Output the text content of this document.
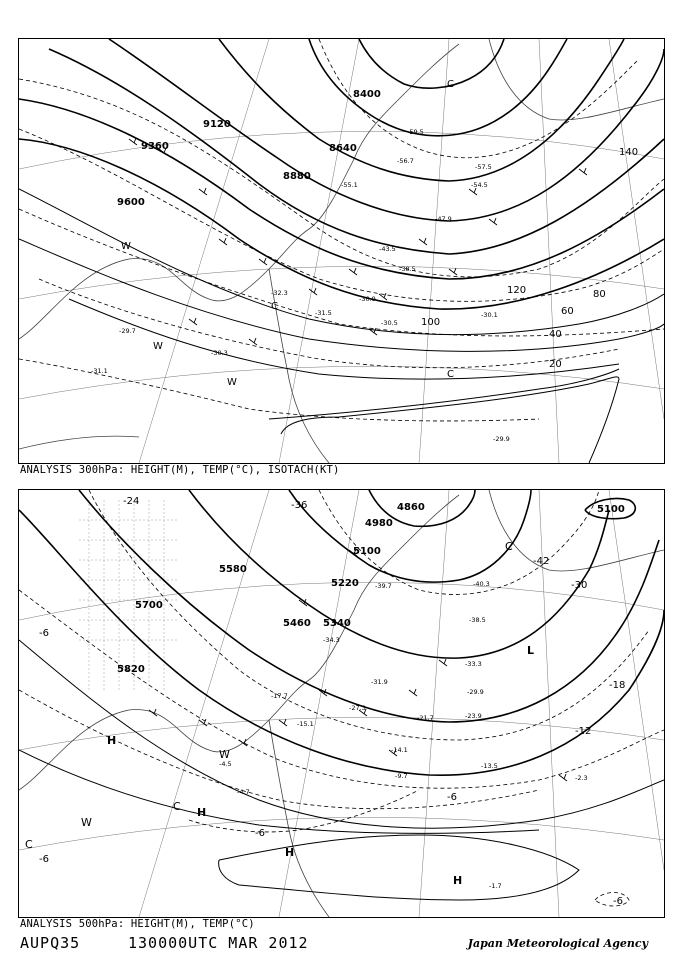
9600
9360
9120
8880
8640
8400
140
120
100
80
60
40
20
-30.5
-31.5
-32.3
-30.9
-30.1
-29.7
-31.1
-30.3
-55.1
-57.5
-59.5
-56.7
-54.5
-47.9
-43.5
-38.5
-29.9
W
W
W
C
C
C
ANALYSIS 300hPa: HEIGHT(M), TEMP(°C), ISOTACH(KT)
5700
5580
5820
5460 5340
5220
5100
4980
4860	5100
-24	-36
-42
-30
-18
-12
-6
-6
-6
-6
-6
-39.7	-40.3
-38.5
-34.3
-33.3
-31.9
-29.9
-27.3
-23.9
-21.7
-17.7
-15.1
-14.1
-13.5
-9.7
-4.7
-4.5
-2.3
-1.7
H
H
H
H
L
C
C
C
W
W
ANALYSIS 500hPa: HEIGHT(M), TEMP(°C)
AUPQ35	130000UTC MAR 2012	Japan Meteorological Agency
